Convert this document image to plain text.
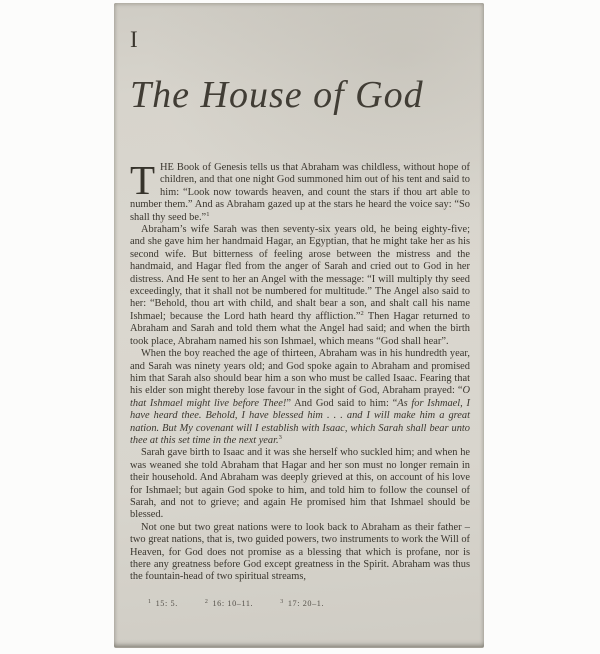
I
The House of God

THE Book of Genesis tells us that Abraham was childless, without hope of children, and that one night God summoned him out of his tent and said to him: “Look now towards heaven, and count the stars if thou art able to number them.” And as Abraham gazed up at the stars he heard the voice say: “So shall thy seed be.”$^1$

Abraham’s wife Sarah was then seventy-six years old, he being eighty-five; and she gave him her handmaid Hagar, an Egyptian, that he might take her as his second wife. But bitterness of feeling arose between the mistress and the handmaid, and Hagar fled from the anger of Sarah and cried out to God in her distress. And He sent to her an Angel with the message: “I will multiply thy seed exceedingly, that it shall not be numbered for multitude.” The Angel also said to her: “Behold, thou art with child, and shalt bear a son, and shalt call his name Ishmael; because the Lord hath heard thy affliction.”$^2$ Then Hagar returned to Abraham and Sarah and told them what the Angel had said; and when the birth took place, Abraham named his son Ishmael, which means “God shall hear”.

When the boy reached the age of thirteen, Abraham was in his hundredth year, and Sarah was ninety years old; and God spoke again to Abraham and promised him that Sarah also should bear him a son who must be called Isaac. Fearing that his elder son might thereby lose favour in the sight of God, Abraham prayed: “O that Ishmael might live before Thee!” And God said to him: “As for Ishmael, I have heard thee. Behold, I have blessed him . . . and I will make him a great nation. But My covenant will I establish with Isaac, which Sarah shall bear unto thee at this set time in the next year.$^3$

Sarah gave birth to Isaac and it was she herself who suckled him; and when he was weaned she told Abraham that Hagar and her son must no longer remain in their household. And Abraham was deeply grieved at this, on account of his love for Ishmael; but again God spoke to him, and told him to follow the counsel of Sarah, and not to grieve; and again He promised him that Ishmael should be blessed.

Not one but two great nations were to look back to Abraham as their father – two great nations, that is, two guided powers, two instruments to work the Will of Heaven, for God does not promise as a blessing that which is profane, nor is there any greatness before God except greatness in the Spirit. Abraham was thus the fountain-head of two spiritual streams,

$^1$ 15: 5.	$^2$ 16: 10–11.	$^3$ 17: 20–1.
